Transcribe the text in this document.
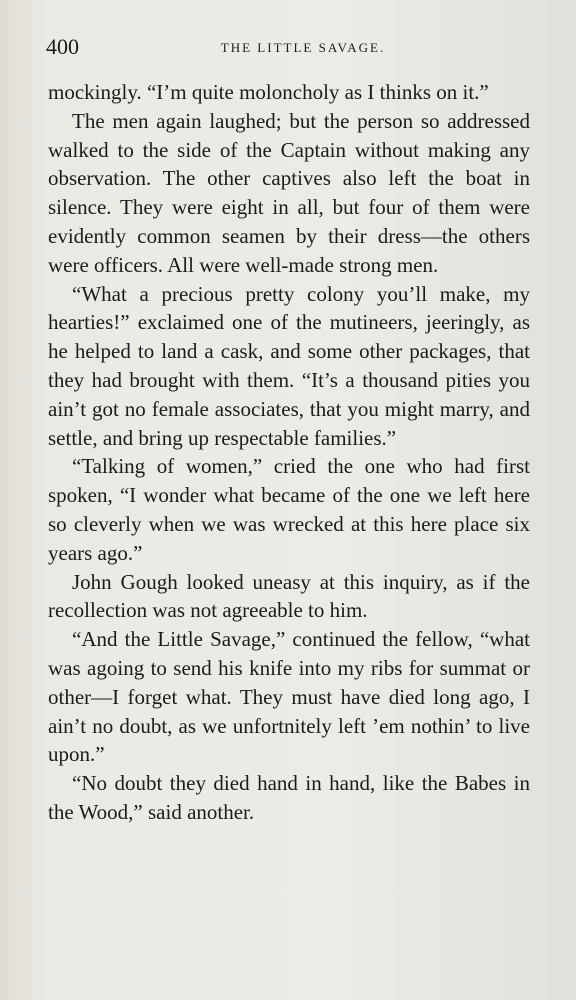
400	THE LITTLE SAVAGE.

mockingly. “I’m quite moloncholy as I thinks on it.”

The men again laughed; but the person so addressed walked to the side of the Captain without making any observation. The other captives also left the boat in silence. They were eight in all, but four of them were evidently common seamen by their dress—the others were officers. All were well-made strong men.

“What a precious pretty colony you’ll make, my hearties!” exclaimed one of the mutineers, jeeringly, as he helped to land a cask, and some other packages, that they had brought with them. “It’s a thousand pities you ain’t got no female associates, that you might marry, and settle, and bring up respectable families.”

“Talking of women,” cried the one who had first spoken, “I wonder what became of the one we left here so cleverly when we was wrecked at this here place six years ago.”

John Gough looked uneasy at this inquiry, as if the recollection was not agreeable to him.

“And the Little Savage,” continued the fellow, “what was agoing to send his knife into my ribs for summat or other—I forget what. They must have died long ago, I ain’t no doubt, as we unfortnitely left ’em nothin’ to live upon.”

“No doubt they died hand in hand, like the Babes in the Wood,” said another.
